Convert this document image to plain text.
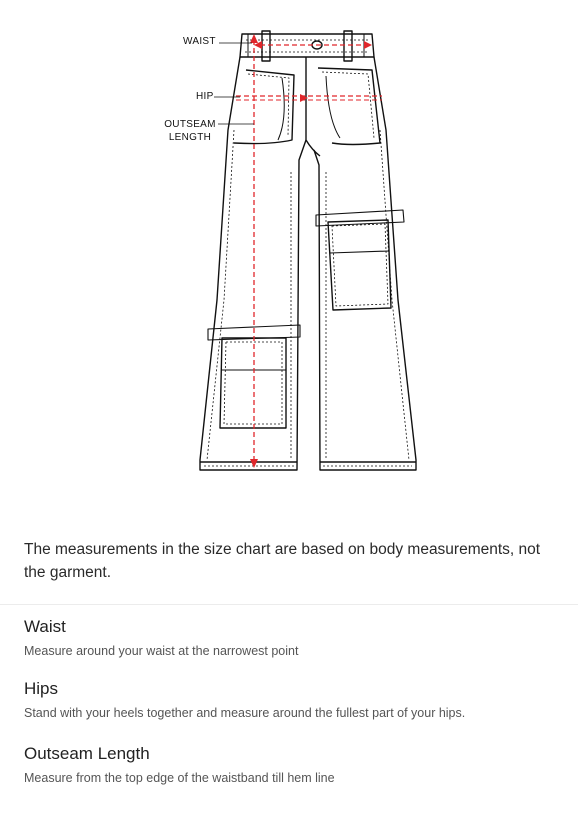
WAIST
HIP
OUTSEAM
LENGTH
The measurements in the size chart are based on body measurements, not the garment.
Waist
Measure around your waist at the narrowest point
Hips
Stand with your heels together and measure around the fullest part of your hips.
Outseam Length
Measure from the top edge of the waistband till hem line
